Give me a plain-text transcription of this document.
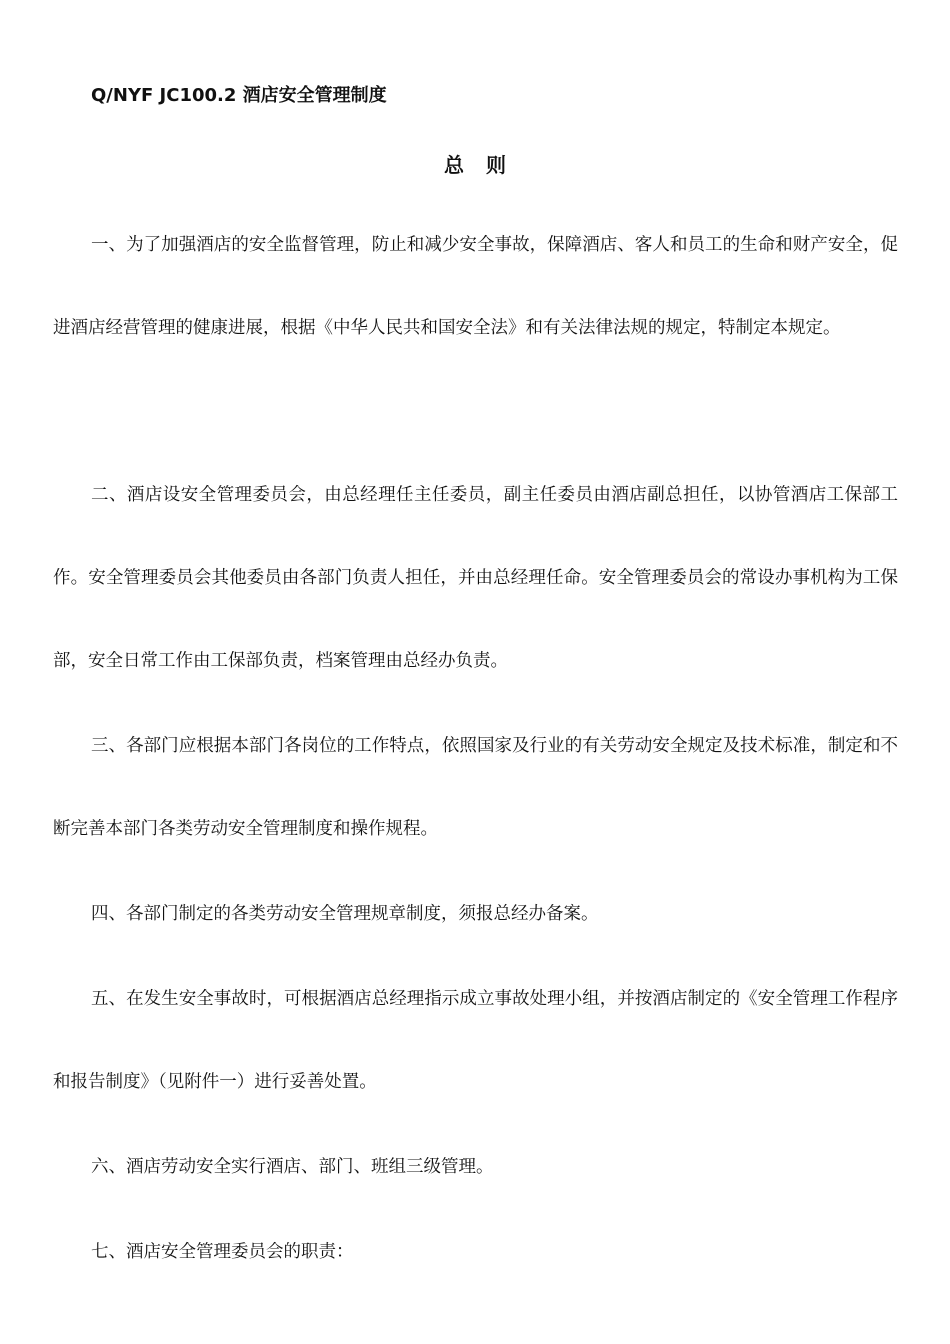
Q/NYF JC100.2 酒店安全管理制度
总则

一、为了加强酒店的安全监督管理，防止和减少安全事故，保障酒店、客人和员工的生命和财产安全，促进酒店经营管理的健康进展，根据《中华人民共和国安全法》和有关法律法规的规定，特制定本规定。

二、酒店设安全管理委员会，由总经理任主任委员，副主任委员由酒店副总担任，以协管酒店工保部工作。安全管理委员会其他委员由各部门负责人担任，并由总经理任命。安全管理委员会的常设办事机构为工保部，安全日常工作由工保部负责，档案管理由总经办负责。

三、各部门应根据本部门各岗位的工作特点，依照国家及行业的有关劳动安全规定及技术标准，制定和不断完善本部门各类劳动安全管理制度和操作规程。

四、各部门制定的各类劳动安全管理规章制度，须报总经办备案。

五、在发生安全事故时，可根据酒店总经理指示成立事故处理小组，并按酒店制定的《安全管理工作程序和报告制度》（见附件一）进行妥善处置。

六、酒店劳动安全实行酒店、部门、班组三级管理。

七、酒店安全管理委员会的职责：
